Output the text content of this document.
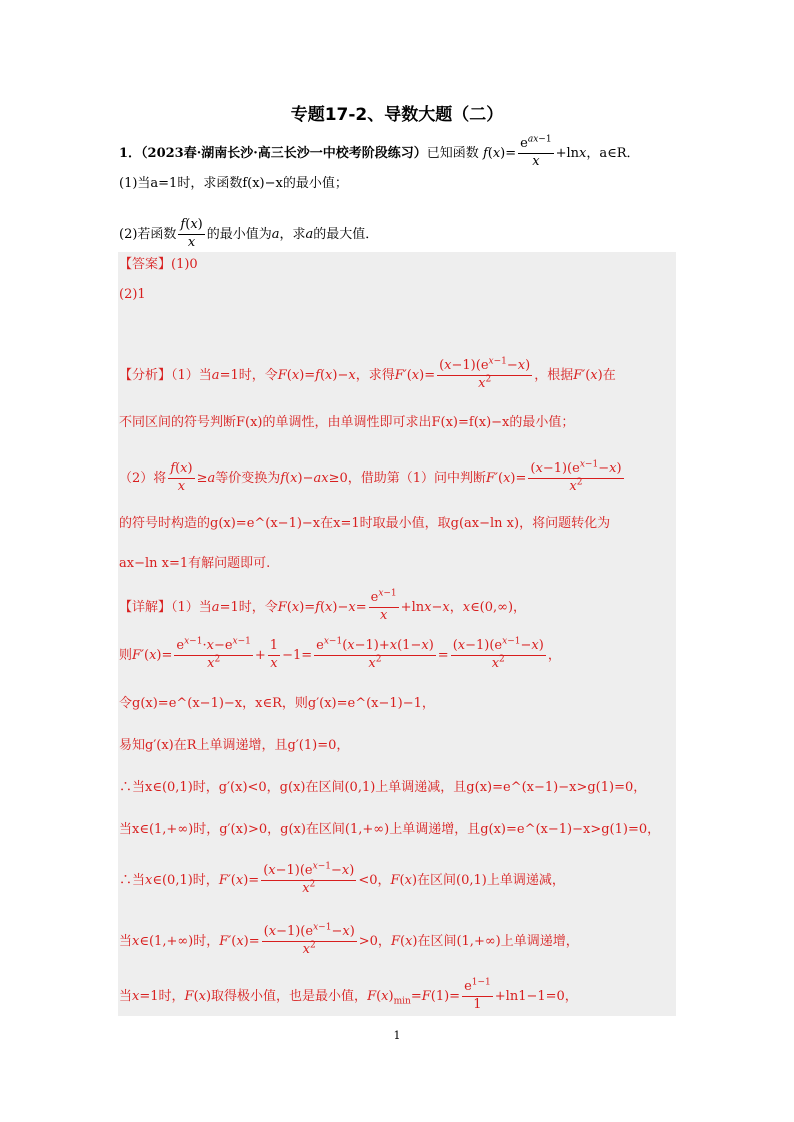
专题17-2、导数大题（二）
1．（2023春·湖南长沙·高三长沙一中校考阶段练习）已知函数 $f(x)= \frac{e^{ax-1}}{x} +\ln x$，a∈R．
(1)当a=1时，求函数f(x)−x的最小值；
(2)若函数 $\frac{f(x)}{x}$ 的最小值为a，求a的最大值．
【答案】(1)0
(2)1
【分析】（1）当a=1时，令F(x)=f(x)−x，求得$F'(x)= \frac{(x-1)(e^{x-1}-x)}{x^2}$ ，根据F′(x)在
不同区间的符号判断F(x)的单调性，由单调性即可求出F(x)=f(x)−x的最小值；
（2）将 $\frac{f(x)}{x} \ge a$等价变换为f(x)−ax≥0，借助第（1）问中判断$F'(x)= \frac{(x-1)(e^{x-1}-x)}{x^2}$
的符号时构造的g(x)=e^(x−1)−x在x=1时取最小值，取g(ax−ln x)，将问题转化为
ax−ln x=1有解问题即可.
【详解】（1）当a=1时，令$F(x)=f(x)-x= \frac{e^{x-1}}{x} +\ln x-x$，x∈(0,∞)，
则$F'(x)= \frac{e^{x-1}\cdot x-e^{x-1}}{x^2} + \frac{1}{x} -1= \frac{e^{x-1}(x-1)+x(1-x)}{x^2} = \frac{(x-1)(e^{x-1}-x)}{x^2}$ ，
令g(x)=e^(x−1)−x，x∈R，则g′(x)=e^(x−1)−1，
易知g′(x)在R上单调递增，且g′(1)=0，
∴当x∈(0,1)时，g′(x)<0，g(x)在区间(0,1)上单调递减，且g(x)=e^(x−1)−x>g(1)=0，
当x∈(1,+∞)时，g′(x)>0，g(x)在区间(1,+∞)上单调递增，且g(x)=e^(x−1)−x>g(1)=0，
∴当x∈(0,1)时，$F'(x)= \frac{(x-1)(e^{x-1}-x)}{x^2} <0$，F(x)在区间(0,1)上单调递减，
当x∈(1,+∞)时，$F'(x)= \frac{(x-1)(e^{x-1}-x)}{x^2} >0$，F(x)在区间(1,+∞)上单调递增，
当x=1时，F(x)取得极小值，也是最小值，$F(x)_{min}=F(1)= \frac{e^{1-1}}{1} +\ln 1-1=0$，
1
